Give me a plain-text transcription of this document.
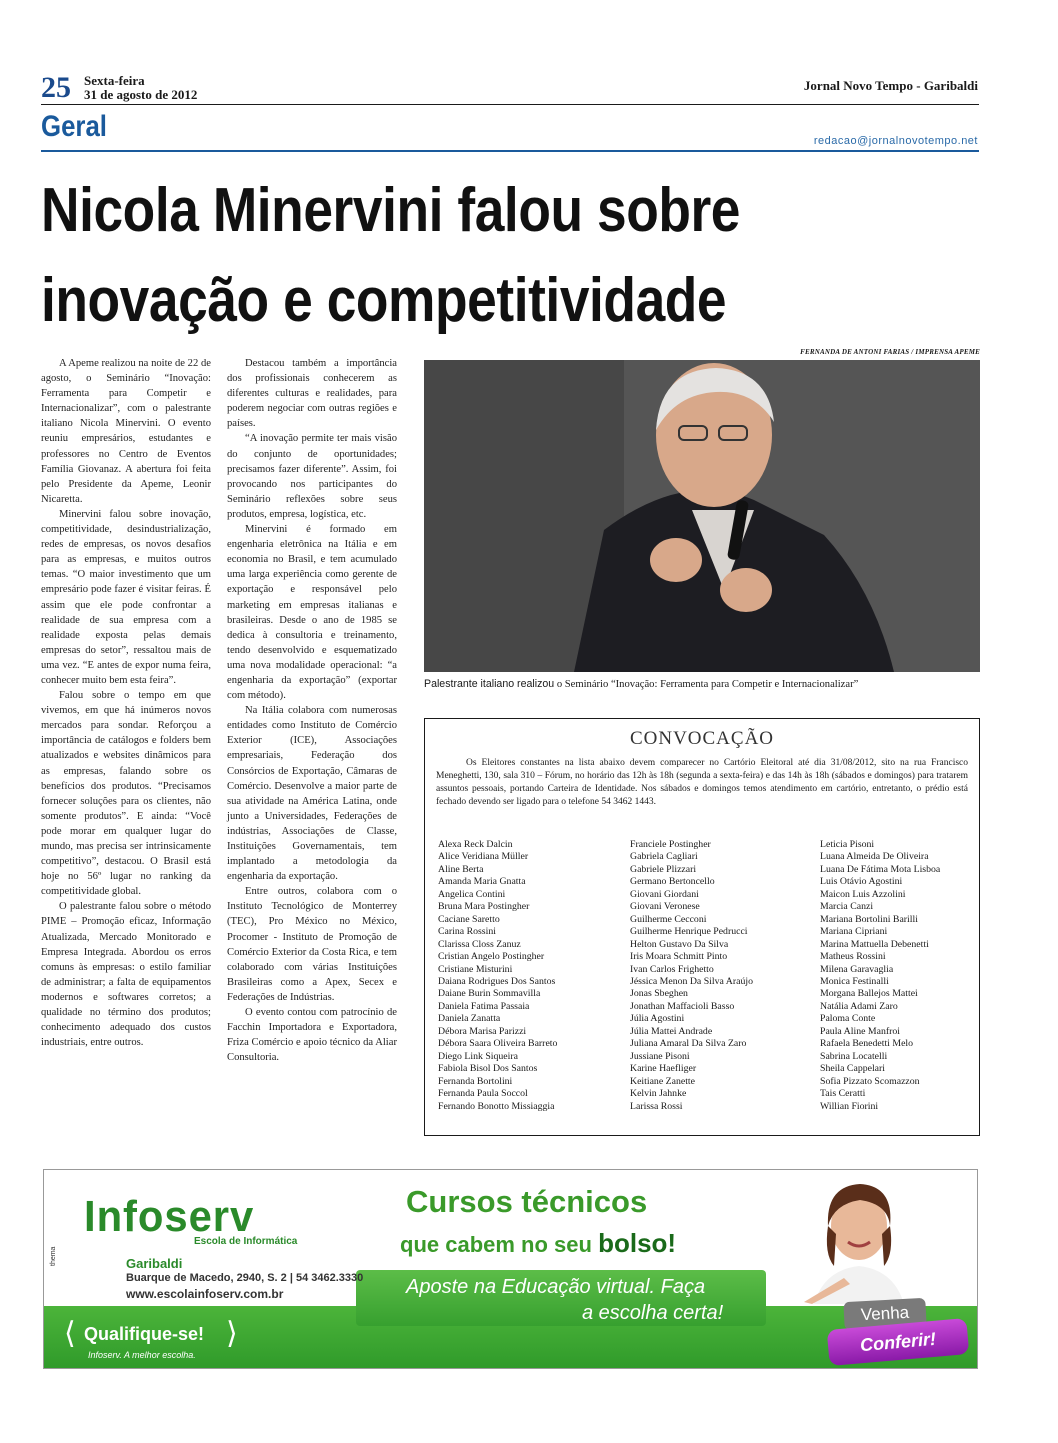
25 Sexta-feira
31 de agosto de 2012
Jornal Novo Tempo - Garibaldi
Geral	redacao@jornalnovotempo.net
Nicola Minervini falou sobre
inovação e competitividade

A Apeme realizou na noite de 22 de agosto, o Seminário “Inovação: Ferramenta para Competir e Internacionalizar”, com o palestrante italiano Nicola Minervini. O evento reuniu empresários, estudantes e professores no Centro de Eventos Família Giovanaz. A abertura foi feita pelo Presidente da Apeme, Leonir Nicaretta.

Minervini falou sobre inovação, competitividade, desindustrialização, redes de empresas, os novos desafios para as empresas, e muitos outros temas. “O maior investimento que um empresário pode fazer é visitar feiras. É assim que ele pode confrontar a realidade de sua empresa com a realidade exposta pelas demais empresas do setor”, ressaltou mais de uma vez. “E antes de expor numa feira, conhecer muito bem esta feira”.

Falou sobre o tempo em que vivemos, em que há inúmeros novos mercados para sondar. Reforçou a importância de catálogos e folders bem atualizados e websites dinâmicos para as empresas, falando sobre os benefícios dos produtos. “Precisamos fornecer soluções para os clientes, não somente produtos”. E ainda: “Você pode morar em qualquer lugar do mundo, mas precisa ser intrinsicamente competitivo”, destacou. O Brasil está hoje no 56º lugar no ranking da competitividade global.

O palestrante falou sobre o método PIME – Promoção eficaz, Informação Atualizada, Mercado Monitorado e Empresa Integrada. Abordou os erros comuns às empresas: o estilo familiar de administrar; a falta de equipamentos modernos e softwares corretos; a qualidade no término dos produtos; conhecimento adequado dos custos industriais, entre outros.

Destacou também a importância dos profissionais conhecerem as diferentes culturas e realidades, para poderem negociar com outras regiões e países.

“A inovação permite ter mais visão do conjunto de oportunidades; precisamos fazer diferente”. Assim, foi provocando nos participantes do Seminário reflexões sobre seus produtos, empresa, logística, etc.

Minervini é formado em engenharia eletrônica na Itália e em economia no Brasil, e tem acumulado uma larga experiência como gerente de exportação e responsável pelo marketing em empresas italianas e brasileiras. Desde o ano de 1985 se dedica à consultoria e treinamento, tendo desenvolvido e esquematizado uma nova modalidade operacional: “a engenharia da exportação” (exportar com método).

Na Itália colabora com numerosas entidades como Instituto de Comércio Exterior (ICE), Associações empresariais, Federação dos Consórcios de Exportação, Câmaras de Comércio. Desenvolve a maior parte de sua atividade na América Latina, onde junto a Universidades, Federações de indústrias, Associações de Classe, Instituições Governamentais, tem implantado a metodologia da engenharia da exportação.

Entre outros, colabora com o Instituto Tecnológico de Monterrey (TEC), Pro México no México, Procomer - Instituto de Promoção de Comércio Exterior da Costa Rica, e tem colaborado com várias Instituições Brasileiras como a Apex, Secex e Federações de Indústrias.

O evento contou com patrocínio de Facchin Importadora e Exportadora, Friza Comércio e apoio técnico da Aliar Consultoria.

FERNANDA DE ANTONI FARIAS / IMPRENSA APEME
Palestrante italiano realizou o Seminário “Inovação: Ferramenta para Competir e Internacionalizar”
CONVOCAÇÃO
Os Eleitores constantes na lista abaixo devem comparecer no Cartório Eleitoral até dia 31/08/2012, sito na rua Francisco Meneghetti, 130, sala 310 – Fórum, no horário das 12h às 18h (segunda a sexta-feira) e das 14h às 18h (sábados e domingos) para tratarem assuntos pessoais, portando Carteira de Identidade. Nos sábados e domingos temos atendimento em cartório, entretanto, o prédio está fechado devendo ser ligado para o telefone 54 3462 1443.
Alexa Reck Dalcin
Alice Veridiana Müller
Aline Berta
Amanda Maria Gnatta
Angelica Contini
Bruna Mara Postingher
Caciane Saretto
Carina Rossini
Clarissa Closs Zanuz
Cristian Angelo Postingher
Cristiane Misturini
Daiana Rodrigues Dos Santos
Daiane Burin Sommavilla
Daniela Fatima Passaia
Daniela Zanatta
Débora Marisa Parizzi
Débora Saara Oliveira Barreto
Diego Link Siqueira
Fabiola Bisol Dos Santos
Fernanda Bortolini
Fernanda Paula Soccol
Fernando Bonotto Missiaggia
Franciele Postingher
Gabriela Cagliari
Gabriele Plizzari
Germano Bertoncello
Giovani Giordani
Giovani Veronese
Guilherme Cecconi
Guilherme Henrique Pedrucci
Helton Gustavo Da Silva
Iris Moara Schmitt Pinto
Ivan Carlos Frighetto
Jéssica Menon Da Silva Araújo
Jonas Sbeghen
Jonathan Maffacioli Basso
Júlia Agostini
Júlia Mattei Andrade
Juliana Amaral Da Silva Zaro
Jussiane Pisoni
Karine Haefliger
Keitiane Zanette
Kelvin Jahnke
Larissa Rossi
Leticia Pisoni
Luana Almeida De Oliveira
Luana De Fátima Mota Lisboa
Luis Otávio Agostini
Maicon Luis Azzolini
Marcia Canzi
Mariana Bortolini Barilli
Mariana Cipriani
Marina Mattuella Debenetti
Matheus Rossini
Milena Garavaglia
Monica Festinalli
Morgana Ballejos Mattei
Natália Adami Zaro
Paloma Conte
Paula Aline Manfroi
Rafaela Benedetti Melo
Sabrina Locatelli
Sheila Cappelari
Sofia Pizzato Scomazzon
Tais Ceratti
Willian Fiorini
Infoserv
Escola de Informática
thema	Garibaldi
Buarque de Macedo, 2940, S. 2 | 54 3462.3330
www.escolainfoserv.com.br
⟨ Qualifique-se!
Infoserv. A melhor escolha.
⟩
Cursos técnicos
que cabem no seu bolso!
Aposte na Educação virtual. Faça
a escolha certa!	Venha
Conferir!
